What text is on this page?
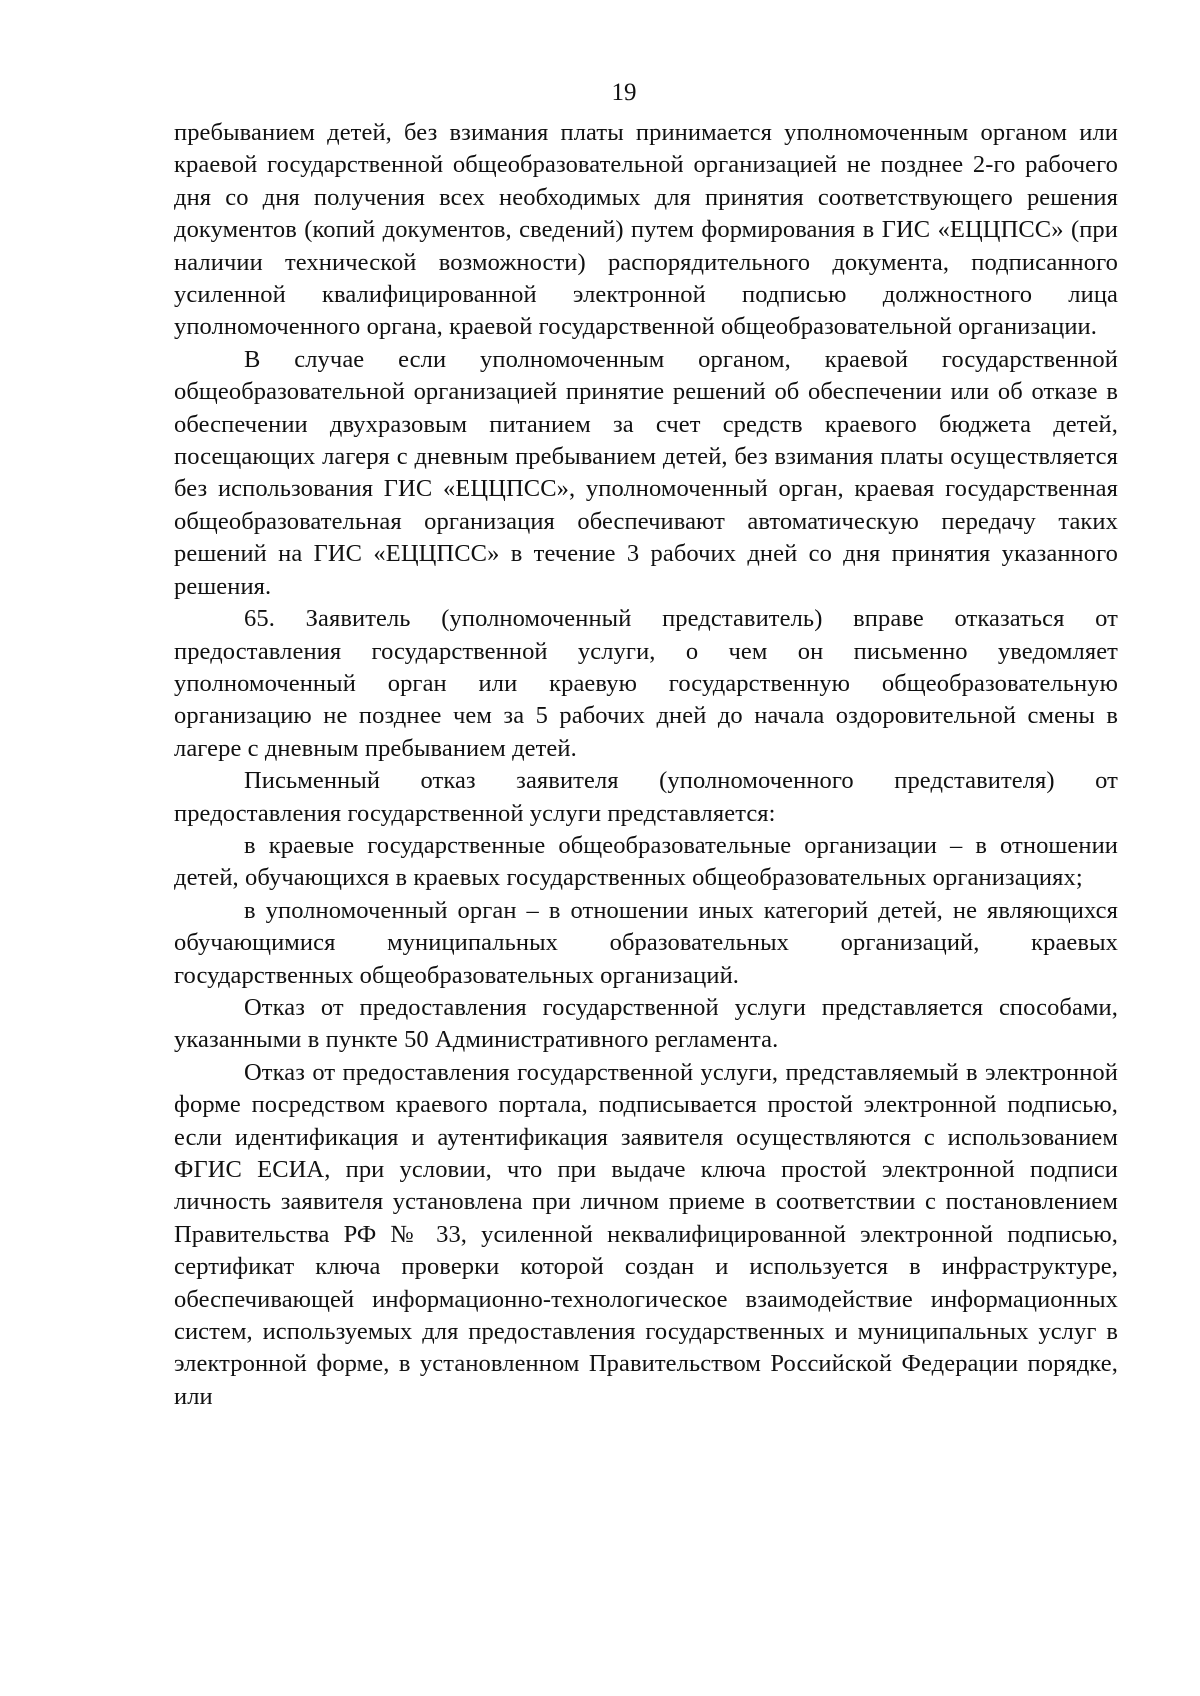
19

пребыванием детей, без взимания платы принимается уполномоченным органом или краевой государственной общеобразовательной организацией не позднее 2-го рабочего дня со дня получения всех необходимых для принятия соответствующего решения документов (копий документов, сведений) путем формирования в ГИС «ЕЦЦПСС» (при наличии технической возможности) распорядительного документа, подписанного усиленной квалифицированной электронной подписью должностного лица уполномоченного органа, краевой государственной общеобразовательной организации.

В случае если уполномоченным органом, краевой государственной общеобразовательной организацией принятие решений об обеспечении или об отказе в обеспечении двухразовым питанием за счет средств краевого бюджета детей, посещающих лагеря с дневным пребыванием детей, без взимания платы осуществляется без использования ГИС «ЕЦЦПСС», уполномоченный орган, краевая государственная общеобразовательная организация обеспечивают автоматическую передачу таких решений на ГИС «ЕЦЦПСС» в течение 3 рабочих дней со дня принятия указанного решения.

65. Заявитель (уполномоченный представитель) вправе отказаться от предоставления государственной услуги, о чем он письменно уведомляет уполномоченный орган или краевую государственную общеобразовательную организацию не позднее чем за 5 рабочих дней до начала оздоровительной смены в лагере с дневным пребыванием детей.

Письменный отказ заявителя (уполномоченного представителя) от предоставления государственной услуги представляется:

в краевые государственные общеобразовательные организации – в отношении детей, обучающихся в краевых государственных общеобразовательных организациях;

в уполномоченный орган – в отношении иных категорий детей, не являющихся обучающимися муниципальных образовательных организаций, краевых государственных общеобразовательных организаций.

Отказ от предоставления государственной услуги представляется способами, указанными в пункте 50 Административного регламента.

Отказ от предоставления государственной услуги, представляемый в электронной форме посредством краевого портала, подписывается простой электронной подписью, если идентификация и аутентификация заявителя осуществляются с использованием ФГИС ЕСИА, при условии, что при выдаче ключа простой электронной подписи личность заявителя установлена при личном приеме в соответствии с постановлением Правительства РФ № 33, усиленной неквалифицированной электронной подписью, сертификат ключа проверки которой создан и используется в инфраструктуре, обеспечивающей информационно-технологическое взаимодействие информационных систем, используемых для предоставления государственных и муниципальных услуг в электронной форме, в установленном Правительством Российской Федерации порядке, или
